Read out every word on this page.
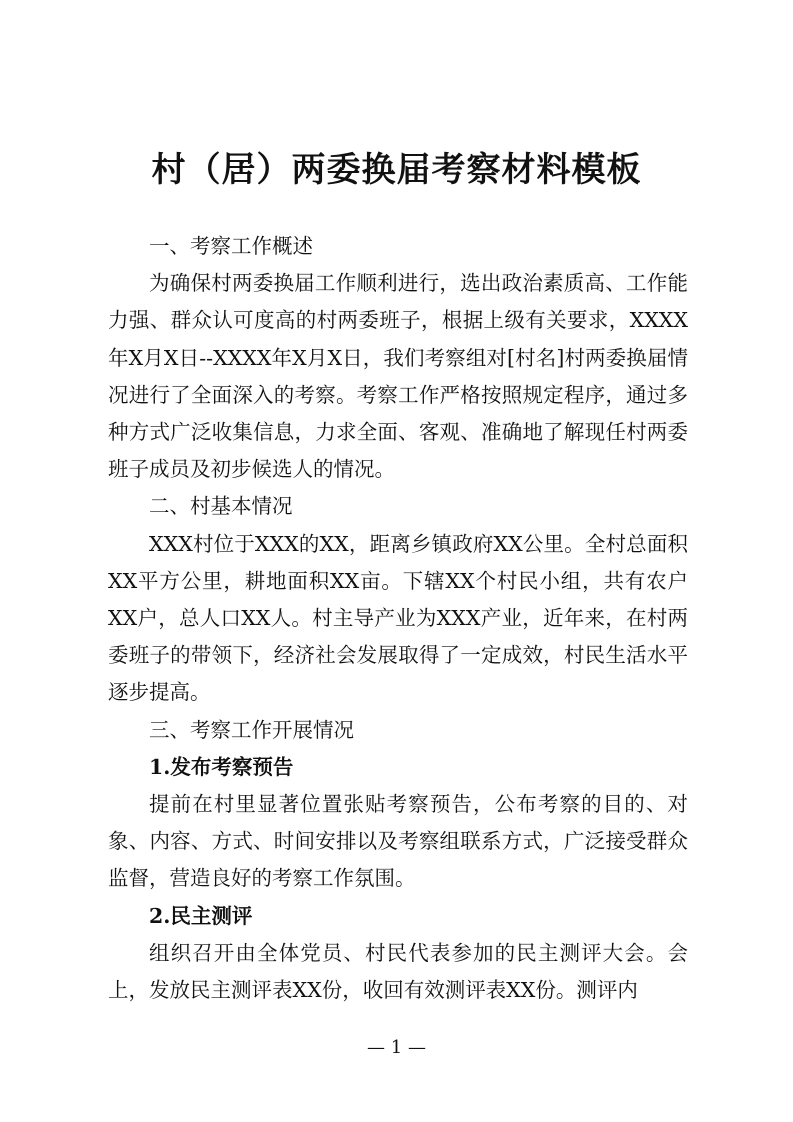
村（居）两委换届考察材料模板

一、考察工作概述

为确保村两委换届工作顺利进行，选出政治素质高、工作能力强、群众认可度高的村两委班子，根据上级有关要求，XXXX年X月X日--XXXX年X月X日，我们考察组对[村名]村两委换届情况进行了全面深入的考察。考察工作严格按照规定程序，通过多种方式广泛收集信息，力求全面、客观、准确地了解现任村两委班子成员及初步候选人的情况。

二、村基本情况

XXX村位于XXX的XX，距离乡镇政府XX公里。全村总面积XX平方公里，耕地面积XX亩。下辖XX个村民小组，共有农户XX户，总人口XX人。村主导产业为XXX产业，近年来，在村两委班子的带领下，经济社会发展取得了一定成效，村民生活水平逐步提高。

三、考察工作开展情况

1.发布考察预告

提前在村里显著位置张贴考察预告，公布考察的目的、对象、内容、方式、时间安排以及考察组联系方式，广泛接受群众监督，营造良好的考察工作氛围。

2.民主测评

组织召开由全体党员、村民代表参加的民主测评大会。会上，发放民主测评表XX份，收回有效测评表XX份。测评内

— 1 —
